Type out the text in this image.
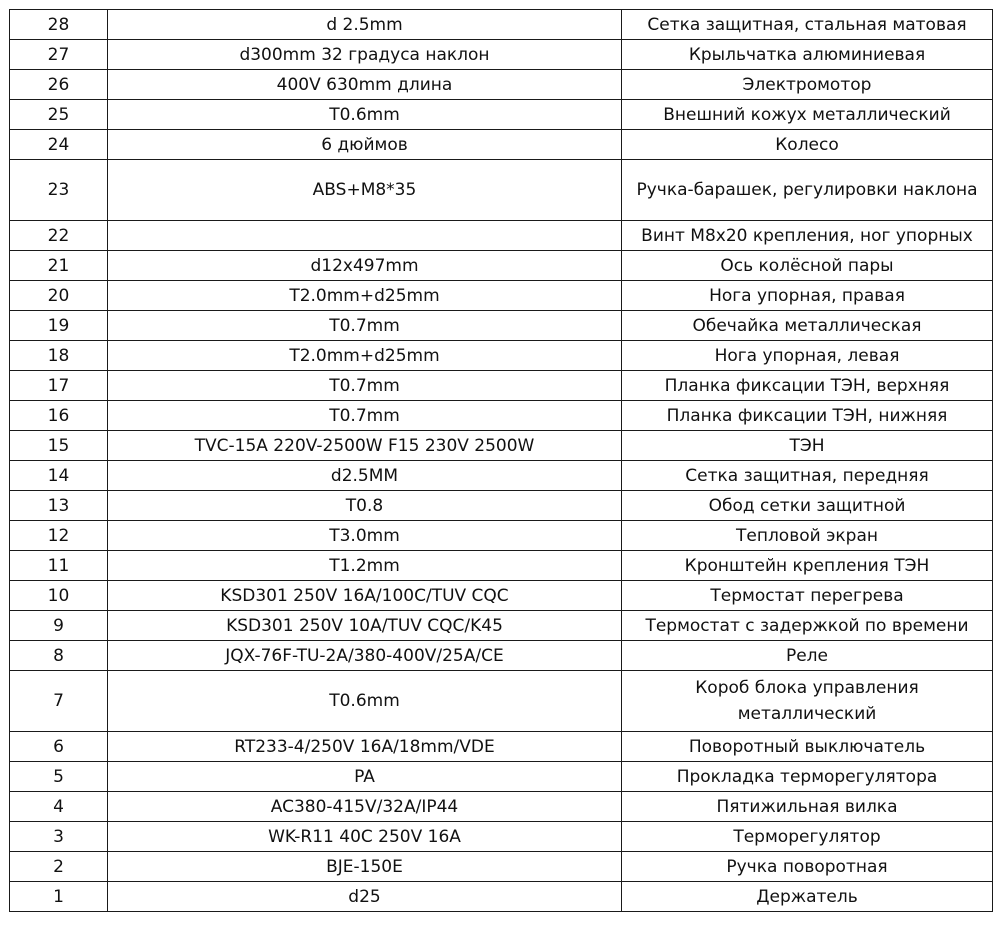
28	d 2.5mm	Сетка защитная, стальная матовая
27	d300mm 32 градуса наклон	Крыльчатка алюминиевая
26	400V 630mm длина	Электромотор
25	T0.6mm	Внешний кожух металлический
24	6 дюймов	Колесо
23	ABS+M8*35	Ручка-барашек, регулировки наклона
22		Винт M8x20 крепления, ног упорных
21	d12x497mm	Ось колёсной пары
20	T2.0mm+d25mm	Нога упорная, правая
19	T0.7mm	Обечайка металлическая
18	T2.0mm+d25mm	Нога упорная, левая
17	T0.7mm	Планка фиксации ТЭН, верхняя
16	T0.7mm	Планка фиксации ТЭН, нижняя
15	TVC-15A 220V-2500W F15 230V 2500W	ТЭН
14	d2.5MM	Сетка защитная, передняя
13	T0.8	Обод сетки защитной
12	T3.0mm	Тепловой экран
11	T1.2mm	Кронштейн крепления ТЭН
10	KSD301 250V 16A/100C/TUV CQC	Термостат перегрева
9	KSD301 250V 10A/TUV CQC/K45	Термостат с задержкой по времени
8	JQX-76F-TU-2A/380-400V/25A/CE	Реле
7	T0.6mm	Короб блока управления металлический
6	RT233-4/250V 16A/18mm/VDE	Поворотный выключатель
5	PA	Прокладка терморегулятора
4	AC380-415V/32A/IP44	Пятижильная вилка
3	WK-R11 40C 250V 16A	Терморегулятор
2	BJE-150E	Ручка поворотная
1	d25	Держатель
